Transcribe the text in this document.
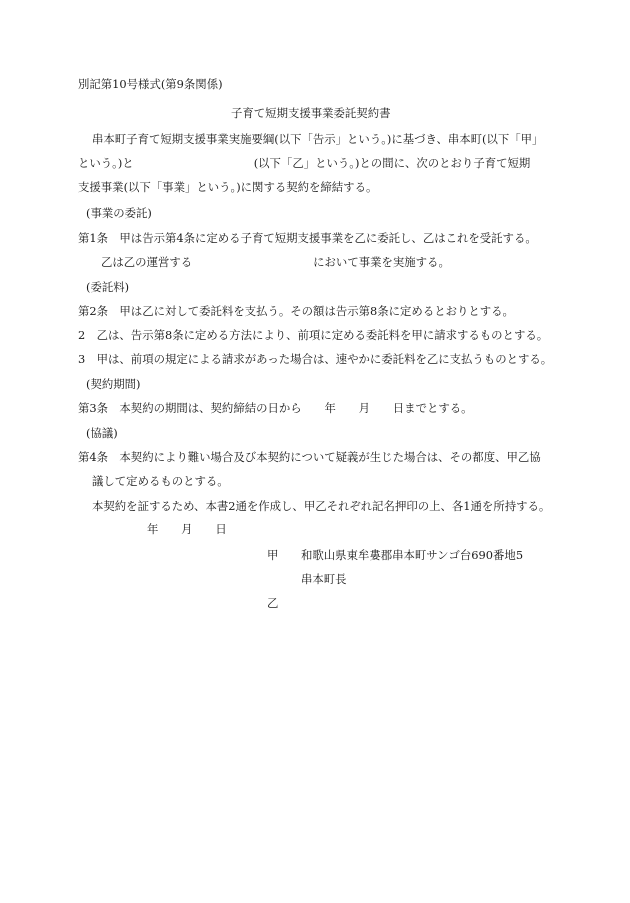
別記第10号様式(第9条関係)
子育て短期支援事業委託契約書
串本町子育て短期支援事業実施要綱(以下「告示」という。)に基づき、串本町(以下「甲」
という。)と	(以下「乙」という。)との間に、次のとおり子育て短期
支援事業(以下「事業」という。)に関する契約を締結する。
(事業の委託)
第1条　甲は告示第4条に定める子育て短期支援事業を乙に委託し、乙はこれを受託する。
乙は乙の運営する	において事業を実施する。
(委託料)
第2条　甲は乙に対して委託料を支払う。その額は告示第8条に定めるとおりとする。
2　乙は、告示第8条に定める方法により、前項に定める委託料を甲に請求するものとする。
3　甲は、前項の規定による請求があった場合は、速やかに委託料を乙に支払うものとする。
(契約期間)
第3条　本契約の期間は、契約締結の日から　　年　　月　　日までとする。
(協議)
第4条　本契約により難い場合及び本契約について疑義が生じた場合は、その都度、甲乙協
議して定めるものとする。
本契約を証するため、本書2通を作成し、甲乙それぞれ記名押印の上、各1通を所持する。
年　　月　　日
甲 和歌山県東牟婁郡串本町サンゴ台690番地5
串本町長
乙
